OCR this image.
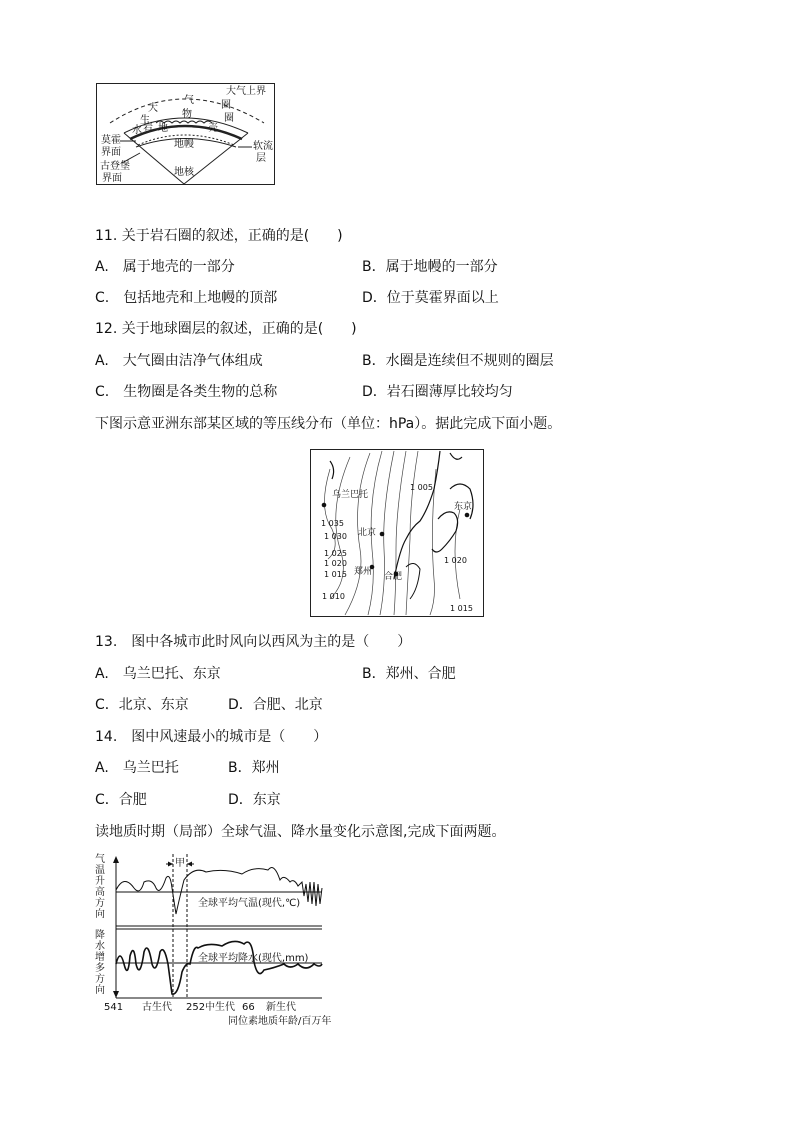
大气上界
大
气	圈
生
物	圈
水 岩 地	壳
莫霍
界面
古登堡
界面
地幔
地核
软流
层
11. 关于岩石圈的叙述，正确的是(　　)
A.　属于地壳的一部分	B．属于地幔的一部分
C.　包括地壳和上地幔的顶部	D．位于莫霍界面以上
12. 关于地球圈层的叙述，正确的是(　　)
A.　大气圈由洁净气体组成	B．水圈是连续但不规则的圈层
C.　生物圈是各类生物的总称	D．岩石圈薄厚比较均匀
下图示意亚洲东部某区域的等压线分布（单位：hPa）。据此完成下面小题。
乌兰巴托
北京
郑州 合肥
东京
1 035
1 030
1 025
1 020
1 015
1 010
1 005
1 020
1 015
13.　图中各城市此时风向以西风为主的是（　　）
A.　乌兰巴托、东京	B．郑州、合肥
C．北京、东京	D．合肥、北京
14.　图中风速最小的城市是（　　）
A.　乌兰巴托	B．郑州
C．合肥	D．东京
读地质时期（局部）全球气温、降水量变化示意图,完成下面两题。
气
温
升
高
方
向
降
水
增
多
方
向
甲
全球平均气温(现代,℃)
全球平均降水(现代,mm)
541 古生代 252 中生代 66 新生代
同位素地质年龄/百万年
